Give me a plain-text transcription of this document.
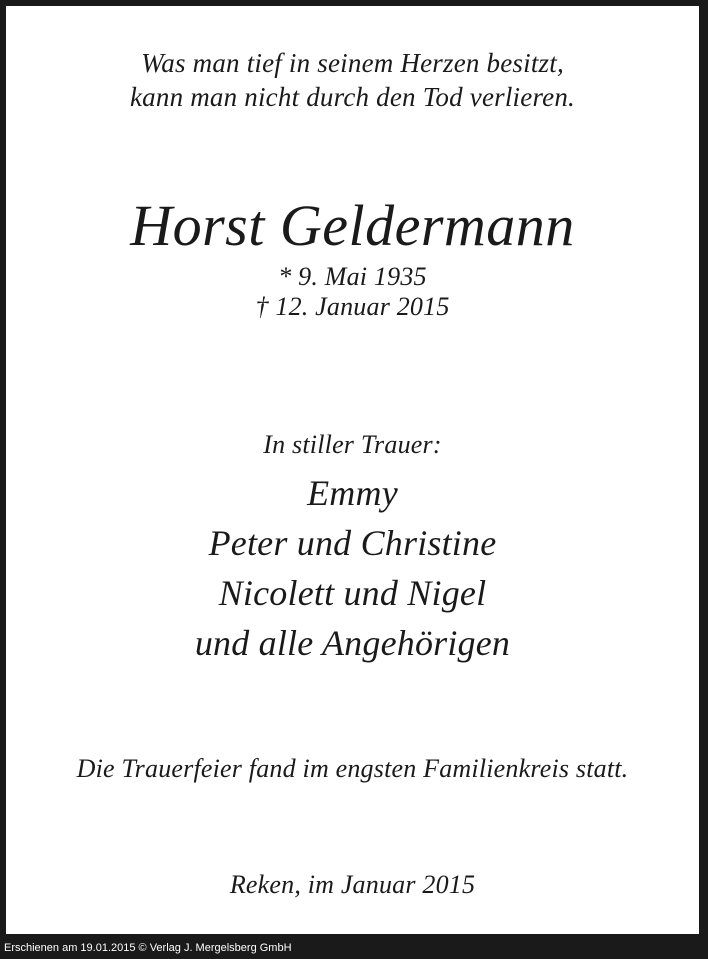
Was man tief in seinem Herzen besitzt,
kann man nicht durch den Tod verlieren.
Horst Geldermann
* 9. Mai 1935
† 12. Januar 2015
In stiller Trauer:
Emmy
Peter und Christine
Nicolett und Nigel
und alle Angehörigen
Die Trauerfeier fand im engsten Familienkreis statt.
Reken, im Januar 2015
Erschienen am 19.01.2015 © Verlag J. Mergelsberg GmbH
